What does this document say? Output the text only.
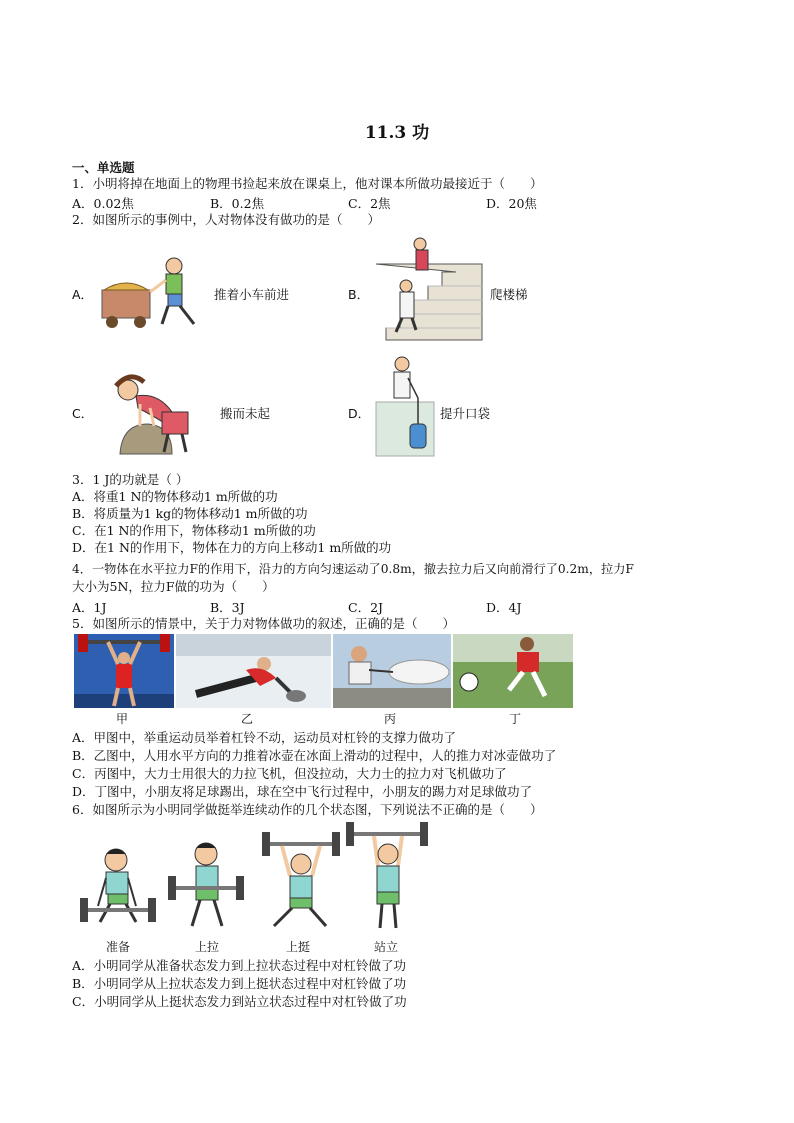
11.3 功
一、单选题
1．小明将掉在地面上的物理书捡起来放在课桌上，他对课本所做功最接近于（　　）
A．0.02焦	B．0.2焦	C．2焦	D．20焦
2．如图所示的事例中，人对物体没有做功的是（　　）
A．	推着小车前进	B．	爬楼梯
C．	搬而未起	D．	提升口袋
3．1 J的功就是（ ）
A．将重1 N的物体移动1 m所做的功
B．将质量为1 kg的物体移动1 m所做的功
C．在1 N的作用下，物体移动1 m所做的功
D．在1 N的作用下，物体在力的方向上移动1 m所做的功
4．一物体在水平拉力F的作用下，沿力的方向匀速运动了0.8m，撤去拉力后又向前滑行了0.2m，拉力F
大小为5N，拉力F做的功为（　　）
A．1J	B．3J	C．2J	D．4J
5．如图所示的情景中，关于力对物体做功的叙述，正确的是（　　）
甲	乙	丙	丁
A．甲图中，举重运动员举着杠铃不动，运动员对杠铃的支撑力做功了
B．乙图中，人用水平方向的力推着冰壶在冰面上滑动的过程中，人的推力对冰壶做功了
C．丙图中，大力士用很大的力拉飞机，但没拉动，大力士的拉力对飞机做功了
D．丁图中，小朋友将足球踢出，球在空中飞行过程中，小朋友的踢力对足球做功了
6．如图所示为小明同学做挺举连续动作的几个状态图，下列说法不正确的是（　　）
准备	上拉	上挺	站立
A．小明同学从准备状态发力到上拉状态过程中对杠铃做了功
B．小明同学从上拉状态发力到上挺状态过程中对杠铃做了功
C．小明同学从上挺状态发力到站立状态过程中对杠铃做了功
